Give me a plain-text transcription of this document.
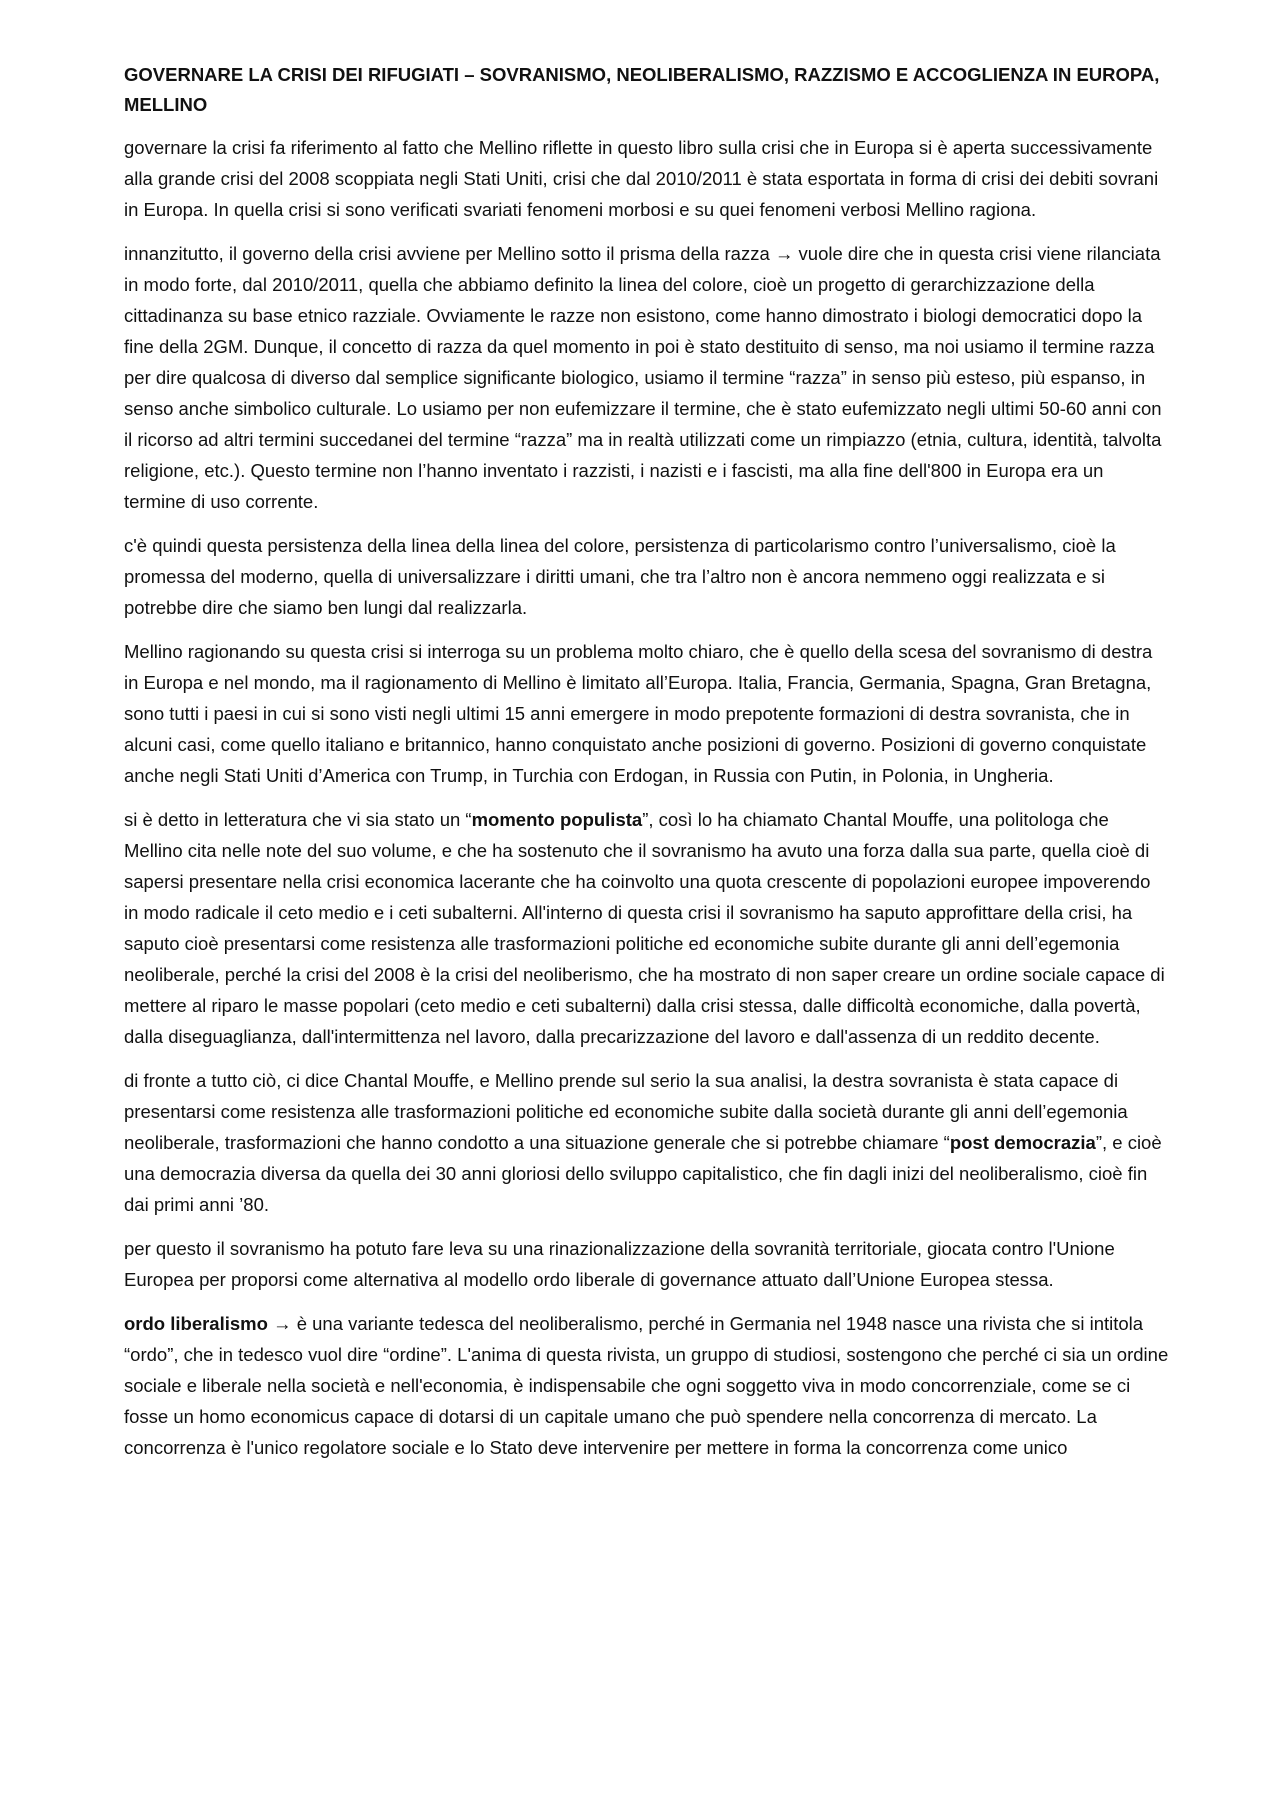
GOVERNARE LA CRISI DEI RIFUGIATI – SOVRANISMO, NEOLIBERALISMO, RAZZISMO E ACCOGLIENZA IN EUROPA, MELLINO

governare la crisi fa riferimento al fatto che Mellino riflette in questo libro sulla crisi che in Europa si è aperta successivamente alla grande crisi del 2008 scoppiata negli Stati Uniti, crisi che dal 2010/2011 è stata esportata in forma di crisi dei debiti sovrani in Europa. In quella crisi si sono verificati svariati fenomeni morbosi e su quei fenomeni verbosi Mellino ragiona.

innanzitutto, il governo della crisi avviene per Mellino sotto il prisma della razza → vuole dire che in questa crisi viene rilanciata in modo forte, dal 2010/2011, quella che abbiamo definito la linea del colore, cioè un progetto di gerarchizzazione della cittadinanza su base etnico razziale. Ovviamente le razze non esistono, come hanno dimostrato i biologi democratici dopo la fine della 2GM. Dunque, il concetto di razza da quel momento in poi è stato destituito di senso, ma noi usiamo il termine razza per dire qualcosa di diverso dal semplice significante biologico, usiamo il termine “razza” in senso più esteso, più espanso, in senso anche simbolico culturale. Lo usiamo per non eufemizzare il termine, che è stato eufemizzato negli ultimi 50-60 anni con il ricorso ad altri termini succedanei del termine “razza” ma in realtà utilizzati come un rimpiazzo (etnia, cultura, identità, talvolta religione, etc.). Questo termine non l’hanno inventato i razzisti, i nazisti e i fascisti, ma alla fine dell'800 in Europa era un termine di uso corrente.

c'è quindi questa persistenza della linea della linea del colore, persistenza di particolarismo contro l’universalismo, cioè la promessa del moderno, quella di universalizzare i diritti umani, che tra l’altro non è ancora nemmeno oggi realizzata e si potrebbe dire che siamo ben lungi dal realizzarla.

Mellino ragionando su questa crisi si interroga su un problema molto chiaro, che è quello della scesa del sovranismo di destra in Europa e nel mondo, ma il ragionamento di Mellino è limitato all’Europa. Italia, Francia, Germania, Spagna, Gran Bretagna, sono tutti i paesi in cui si sono visti negli ultimi 15 anni emergere in modo prepotente formazioni di destra sovranista, che in alcuni casi, come quello italiano e britannico, hanno conquistato anche posizioni di governo. Posizioni di governo conquistate anche negli Stati Uniti d’America con Trump, in Turchia con Erdogan, in Russia con Putin, in Polonia, in Ungheria.

si è detto in letteratura che vi sia stato un “momento populista”, così lo ha chiamato Chantal Mouffe, una politologa che Mellino cita nelle note del suo volume, e che ha sostenuto che il sovranismo ha avuto una forza dalla sua parte, quella cioè di sapersi presentare nella crisi economica lacerante che ha coinvolto una quota crescente di popolazioni europee impoverendo in modo radicale il ceto medio e i ceti subalterni. All'interno di questa crisi il sovranismo ha saputo approfittare della crisi, ha saputo cioè presentarsi come resistenza alle trasformazioni politiche ed economiche subite durante gli anni dell’egemonia neoliberale, perché la crisi del 2008 è la crisi del neoliberismo, che ha mostrato di non saper creare un ordine sociale capace di mettere al riparo le masse popolari (ceto medio e ceti subalterni) dalla crisi stessa, dalle difficoltà economiche, dalla povertà, dalla diseguaglianza, dall'intermittenza nel lavoro, dalla precarizzazione del lavoro e dall'assenza di un reddito decente.

di fronte a tutto ciò, ci dice Chantal Mouffe, e Mellino prende sul serio la sua analisi, la destra sovranista è stata capace di presentarsi come resistenza alle trasformazioni politiche ed economiche subite dalla società durante gli anni dell’egemonia neoliberale, trasformazioni che hanno condotto a una situazione generale che si potrebbe chiamare “post democrazia”, e cioè una democrazia diversa da quella dei 30 anni gloriosi dello sviluppo capitalistico, che fin dagli inizi del neoliberalismo, cioè fin dai primi anni ’80.

per questo il sovranismo ha potuto fare leva su una rinazionalizzazione della sovranità territoriale, giocata contro l'Unione Europea per proporsi come alternativa al modello ordo liberale di governance attuato dall’Unione Europea stessa.

ordo liberalismo → è una variante tedesca del neoliberalismo, perché in Germania nel 1948 nasce una rivista che si intitola “ordo”, che in tedesco vuol dire “ordine”. L'anima di questa rivista, un gruppo di studiosi, sostengono che perché ci sia un ordine sociale e liberale nella società e nell'economia, è indispensabile che ogni soggetto viva in modo concorrenziale, come se ci fosse un homo economicus capace di dotarsi di un capitale umano che può spendere nella concorrenza di mercato. La concorrenza è l'unico regolatore sociale e lo Stato deve intervenire per mettere in forma la concorrenza come unico
